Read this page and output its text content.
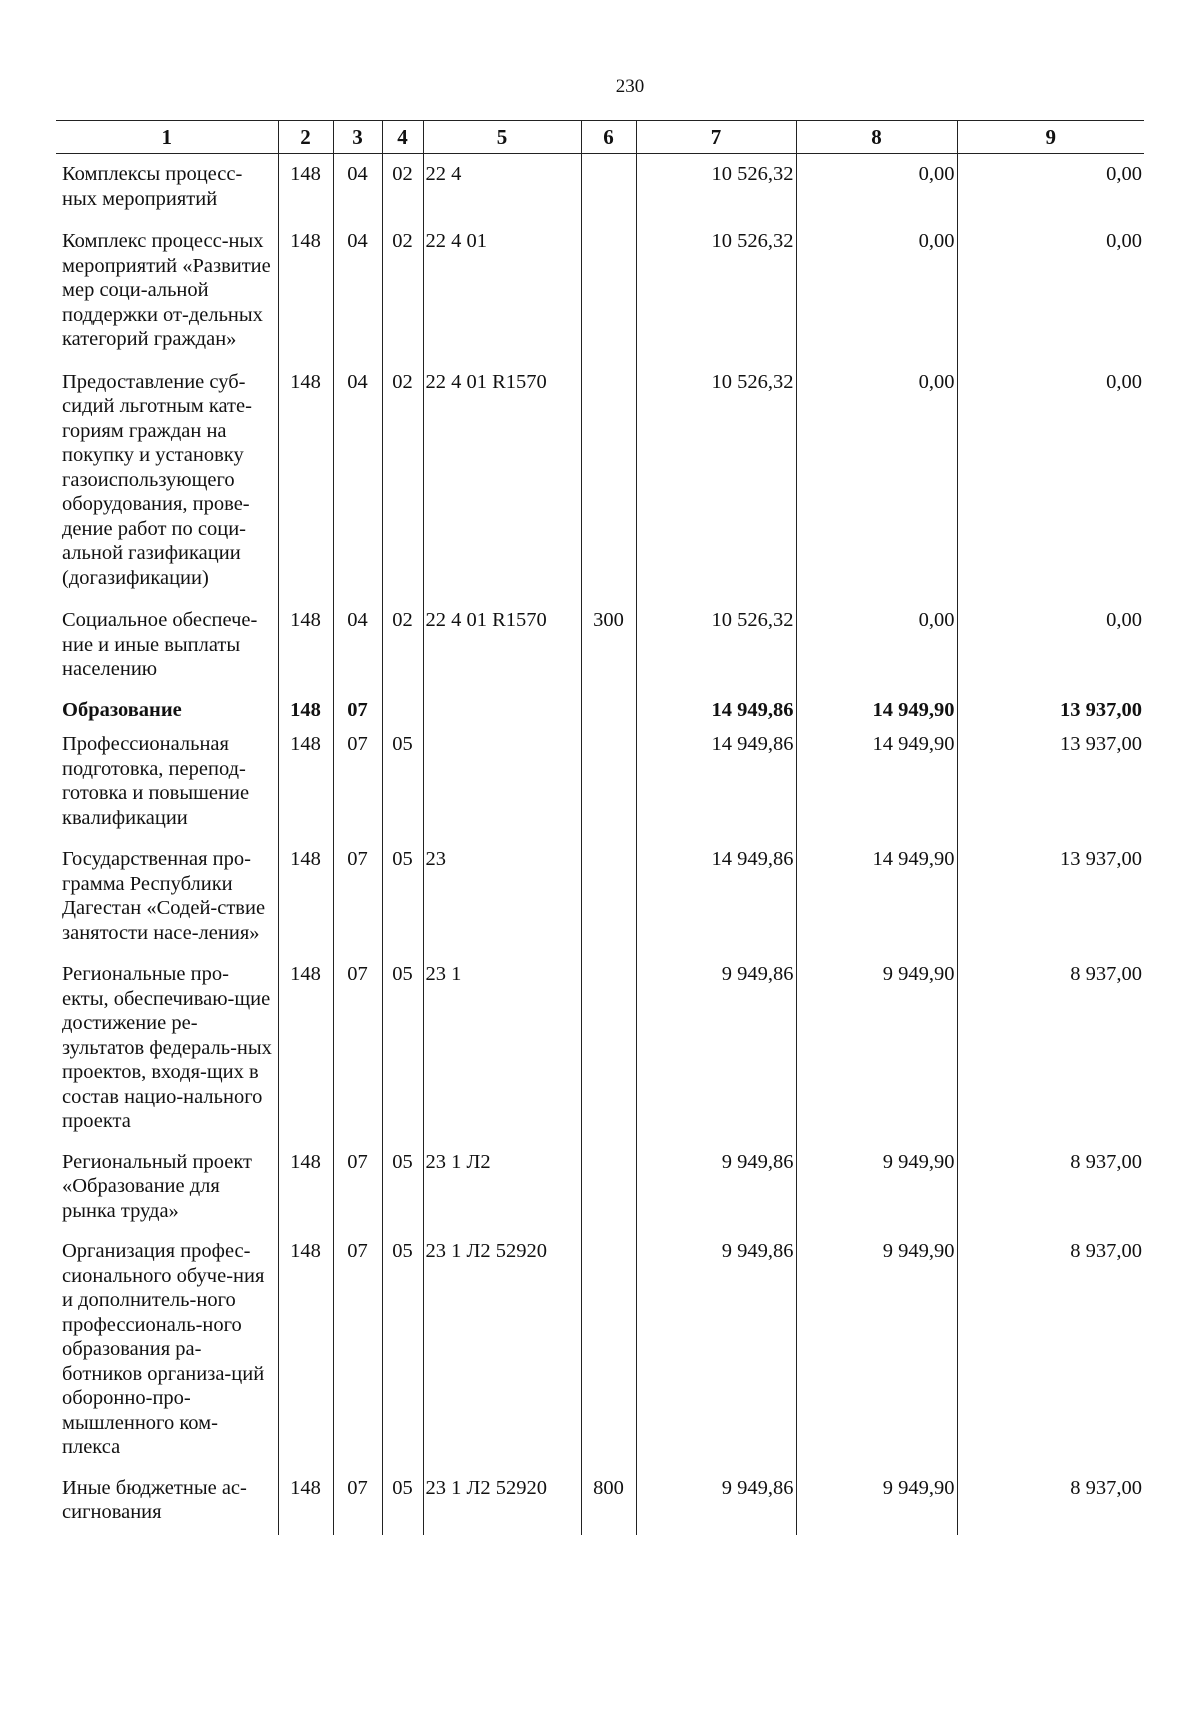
230
1	2	3	4	5	6	7	8	9

Комплексы процесс-ных мероприятий	148	04	02	22 4		10 526,32	0,00	0,00

Комплекс процесс-ных мероприятий «Развитие мер соци-альной поддержки от-дельных категорий граждан»	148	04	02	22 4 01		10 526,32	0,00	0,00

Предоставление суб-сидий льготным кате-гориям граждан на покупку и установку газоиспользующего оборудования, прове-дение работ по соци-альной газификации (догазификации)	148	04	02	22 4 01 R1570		10 526,32	0,00	0,00

Социальное обеспече-ние и иные выплаты населению	148	04	02	22 4 01 R1570	300	10 526,32	0,00	0,00

Образование	148	07				14 949,86	14 949,90	13 937,00

Профессиональная подготовка, перепод-готовка и повышение квалификации	148	07	05			14 949,86	14 949,90	13 937,00

Государственная про-грамма Республики Дагестан «Содей-ствие занятости насе-ления»	148	07	05	23		14 949,86	14 949,90	13 937,00

Региональные про-екты, обеспечиваю-щие достижение ре-зультатов федераль-ных проектов, входя-щих в состав нацио-нального проекта	148	07	05	23 1		9 949,86	9 949,90	8 937,00

Региональный проект «Образование для рынка труда»	148	07	05	23 1 Л2		9 949,86	9 949,90	8 937,00

Организация профес-сионального обуче-ния и дополнитель-ного профессиональ-ного образования ра-ботников организа-ций оборонно-про-мышленного ком-плекса	148	07	05	23 1 Л2 52920		9 949,86	9 949,90	8 937,00

Иные бюджетные ас-сигнования	148	07	05	23 1 Л2 52920	800	9 949,86	9 949,90	8 937,00
